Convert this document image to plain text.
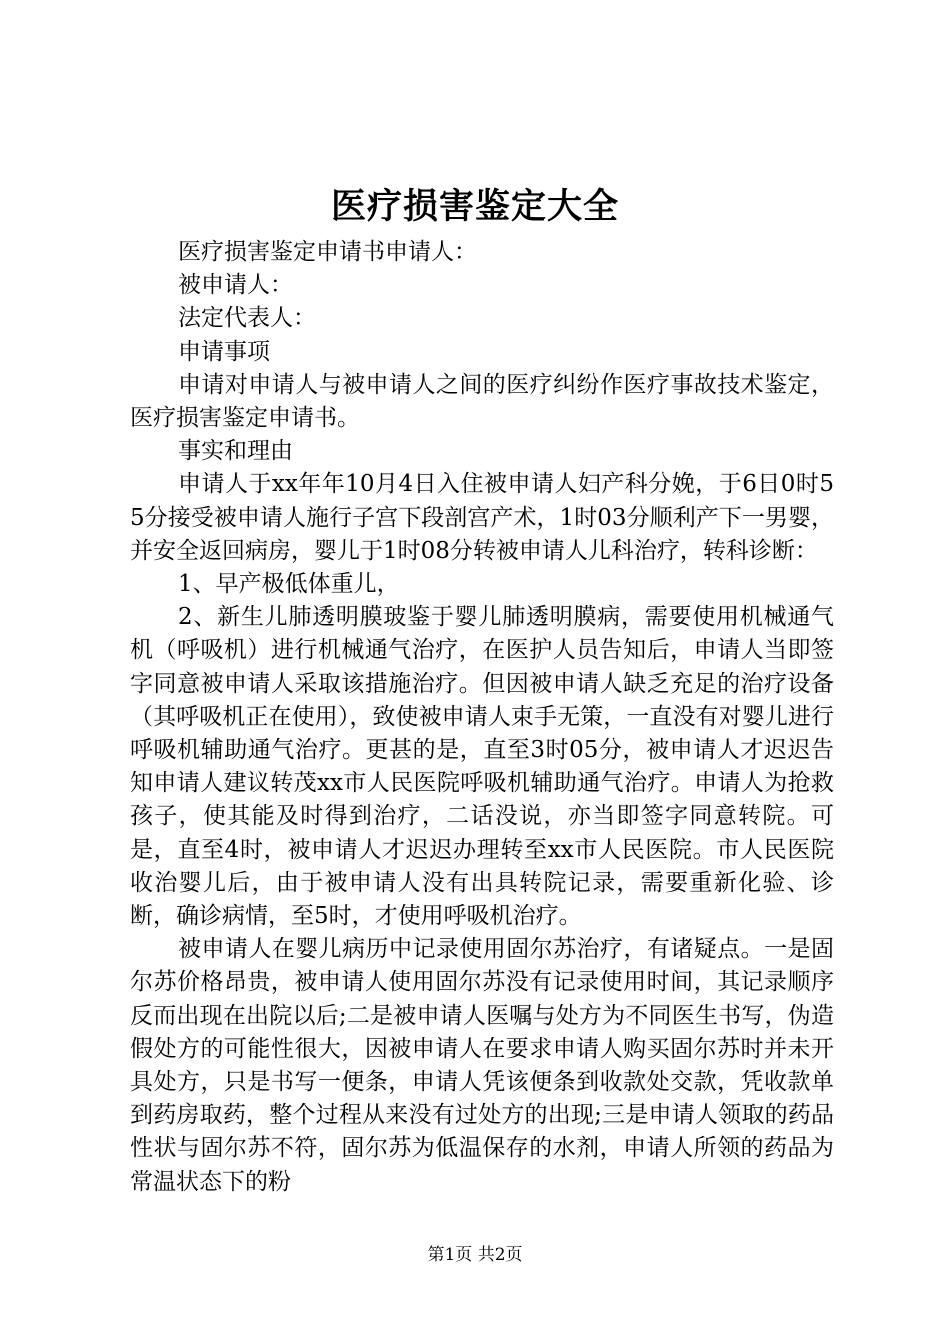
医疗损害鉴定大全

医疗损害鉴定申请书申请人：

被申请人：

法定代表人：

申请事项

申请对申请人与被申请人之间的医疗纠纷作医疗事故技术鉴定，医疗损害鉴定申请书。

事实和理由

申请人于xx年年10月4日入住被申请人妇产科分娩，于6日0时55分接受被申请人施行子宫下段剖宫产术，1时03分顺利产下一男婴，并安全返回病房，婴儿于1时08分转被申请人儿科治疗，转科诊断：

1、早产极低体重儿，

2、新生儿肺透明膜玻鉴于婴儿肺透明膜病，需要使用机械通气机（呼吸机）进行机械通气治疗，在医护人员告知后，申请人当即签字同意被申请人采取该措施治疗。但因被申请人缺乏充足的治疗设备（其呼吸机正在使用），致使被申请人束手无策，一直没有对婴儿进行呼吸机辅助通气治疗。更甚的是，直至3时05分，被申请人才迟迟告知申请人建议转茂xx市人民医院呼吸机辅助通气治疗。申请人为抢救孩子，使其能及时得到治疗，二话没说，亦当即签字同意转院。可是，直至4时，被申请人才迟迟办理转至xx市人民医院。市人民医院收治婴儿后，由于被申请人没有出具转院记录，需要重新化验、诊断，确诊病情，至5时，才使用呼吸机治疗。

被申请人在婴儿病历中记录使用固尔苏治疗，有诸疑点。一是固尔苏价格昂贵，被申请人使用固尔苏没有记录使用时间，其记录顺序反而出现在出院以后;二是被申请人医嘱与处方为不同医生书写，伪造假处方的可能性很大，因被申请人在要求申请人购买固尔苏时并未开具处方，只是书写一便条，申请人凭该便条到收款处交款，凭收款单到药房取药，整个过程从来没有过处方的出现;三是申请人领取的药品性状与固尔苏不符，固尔苏为低温保存的水剂，申请人所领的药品为常温状态下的粉

第1页 共2页
